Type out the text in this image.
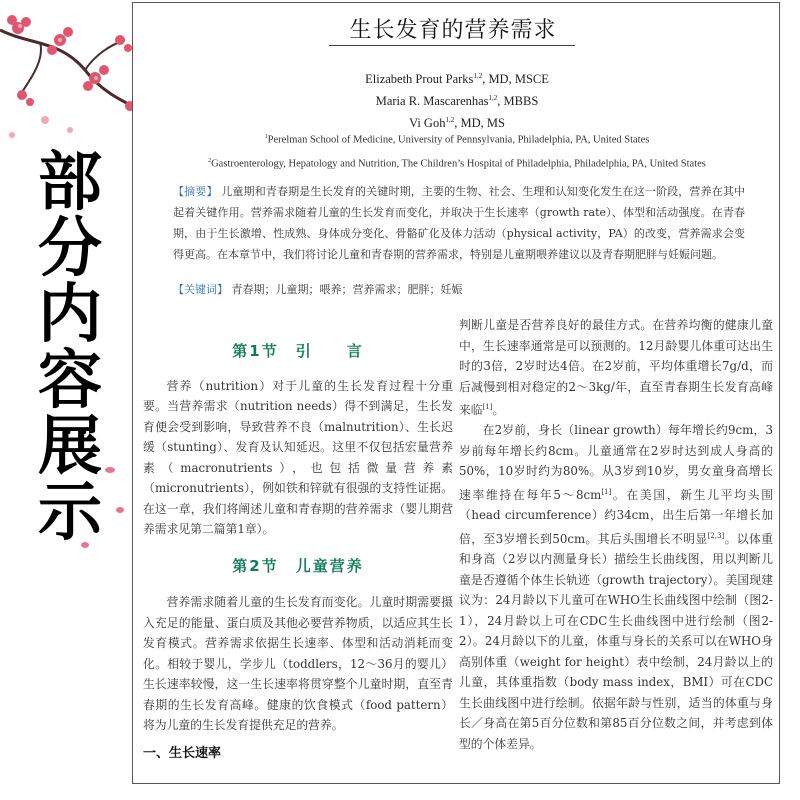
部
分
内
容
展
示
生长发育的营养需求
Elizabeth Prout Parks$^{1,2}$, MD, MSCE
Maria R. Mascarenhas$^{1,2}$, MBBS
Vi Goh$^{1,2}$, MD, MS
$^1$Perelman School of Medicine, University of Pennsylvania, Philadelphia, PA, United States
$^2$Gastroenterology, Hepatology and Nutrition, The Children’s Hospital of Philadelphia, Philadelphia, PA, United States
【摘要】 儿童期和青春期是生长发育的关键时期，主要的生物、社会、生理和认知变化发生在这一阶段，营养在其中起着关键作用。营养需求随着儿童的生长发育而变化，并取决于生长速率（growth rate）、体型和活动强度。在青春期，由于生长激增、性成熟、身体成分变化、骨骼矿化及体力活动（physical activity，PA）的改变，营养需求会变得更高。在本章节中，我们将讨论儿童和青春期的营养需求，特别是儿童期喂养建议以及青春期肥胖与妊娠问题。
【关键词】 青春期；儿童期；喂养；营养需求；肥胖；妊娠
第1节　引　　言
营养（nutrition）对于儿童的生长发育过程十分重要。当营养需求（nutrition needs）得不到满足，生长发育便会受到影响，导致营养不良（malnutrition）、生长迟缓（stunting）、发育及认知延迟。这里不仅包括宏量营养素（macronutrients），也包括微量营养素（micronutrients），例如铁和锌就有很强的支持性证据。在这一章，我们将阐述儿童和青春期的营养需求（婴儿期营养需求见第二篇第1章）。
第2节　儿童营养
营养需求随着儿童的生长发育而变化。儿童时期需要摄入充足的能量、蛋白质及其他必要营养物质，以适应其生长发育模式。营养需求依据生长速率、体型和活动消耗而变化。相较于婴儿，学步儿（toddlers，12～36月的婴儿）生长速率较慢，这一生长速率将贯穿整个儿童时期，直至青春期的生长发育高峰。健康的饮食模式（food pattern）将为儿童的生长发育提供充足的营养。
一、生长速率
判断儿童是否营养良好的最佳方式。在营养均衡的健康儿童中，生长速率通常是可以预测的。12月龄婴儿体重可达出生时的3倍，2岁时达4倍。在2岁前，平均体重增长7g/d，而后减慢到相对稳定的2～3kg/年，直至青春期生长发育高峰来临[1]。
在2岁前，身长（linear growth）每年增长约9cm，3岁前每年增长约8cm。儿童通常在2岁时达到成人身高的50%，10岁时约为80%。从3岁到10岁，男女童身高增长速率维持在每年5～8cm[1]。在美国，新生儿平均头围（head circumference）约34cm，出生后第一年增长加倍，至3岁增长到50cm。其后头围增长不明显[2,3]。以体重和身高（2岁以内测量身长）描绘生长曲线图，用以判断儿童是否遵循个体生长轨迹（growth trajectory）。美国现建议为：24月龄以下儿童可在WHO生长曲线图中绘制（图2-1），24月龄以上可在CDC生长曲线图中进行绘制（图2-2）。24月龄以下的儿童，体重与身长的关系可以在WHO身高别体重（weight for height）表中绘制，24月龄以上的儿童，其体重指数（body mass index，BMI）可在CDC生长曲线图中进行绘制。依据年龄与性别，适当的体重与身长／身高在第5百分位数和第85百分位数之间，并考虑到体型的个体差异。
